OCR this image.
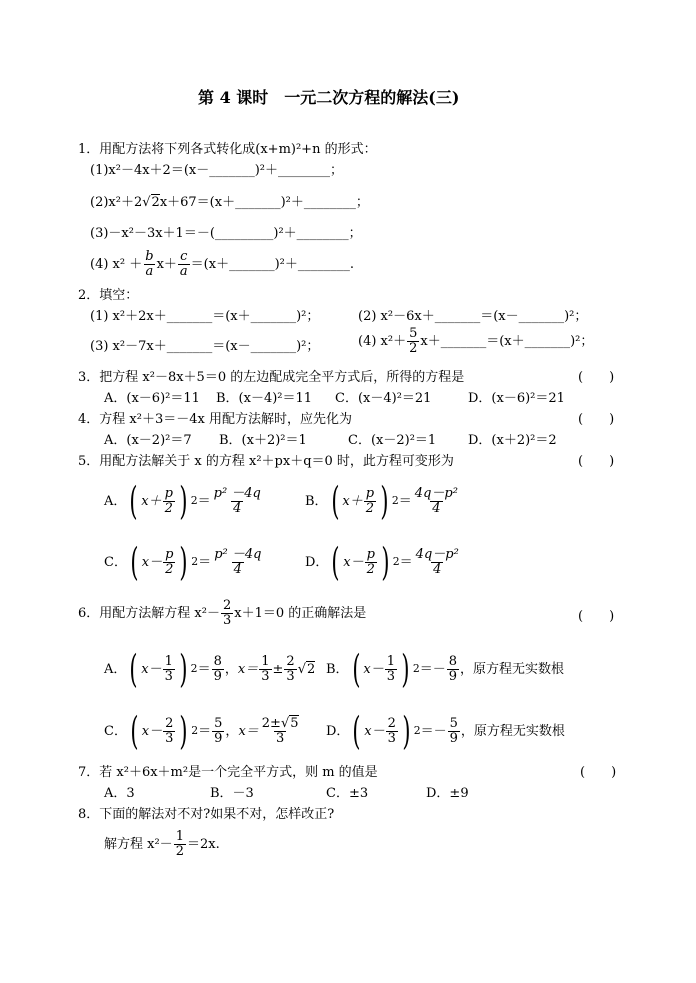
第 4 课时　一元二次方程的解法(三)
1．用配方法将下列各式转化成(x+m)²+n 的形式：
(1)x²－4x＋2＝(x－_______)²＋________；
(2)x²＋2 √2 x＋67＝(x＋_______)²＋________；
(3)－x²－3x＋1＝－(_________)²＋________；
(4) $x^2 + \frac{b}{a} x+ \frac{c}{a}$ ＝(x＋_______)²＋________.
2．填空：
(1) x²＋2x＋_______＝(x＋_______)²；	(2) x²－6x＋_______＝(x－_______)²；
(3) x²－7x＋_______＝(x－_______)²；	(4) $x^2+ \frac{5}{2}$ x＋_______＝(x＋_______)²；
3．把方程 x²－8x＋5＝0 的左边配成完全平方式后，所得的方程是	(　　)
A．(x－6)²＝11 B．(x－4)²＝11 C．(x－4)²＝21	D．(x－6)²＝21
4．方程 x²＋3＝－4x 用配方法解时，应先化为	(　　)
A．(x－2)²＝7 B．(x＋2)²＝1	C．(x－2)²＝1 D．(x＋2)²＝2
5．用配方法解关于 x 的方程 x²＋px＋q＝0 时，此方程可变形为	(　　)
A． ( $x+ \frac{p}{2}$ ) $2 = \frac{\text{p² －4q}}{4}$	B． ( $x+ \frac{p}{2}$ ) $2 = \frac{\text{4q－p²}}{4}$
C． ( $x- \frac{p}{2}$ ) $2 = \frac{\text{p² －4q}}{4}$	D． ( $x- \frac{p}{2}$ ) $2 = \frac{\text{4q－p²}}{4}$
6．用配方法解方程 $x^2- \frac{2}{3} x+1=0$ 的正确解法是	(　　)
A． ( $x- \frac{1}{3}$ ) $2 = \frac{8}{9}$ ， $x= \frac{1}{3} \pm \frac{2}{3} √2$ B． ( $x- \frac{1}{3}$ ) $2 =- \frac{8}{9}$ ，原方程无实数根
C． ( $x- \frac{2}{3}$ ) $2 = \frac{5}{9}$ ， $x= \frac{2\pm√5}{3}$ D． ( $x- \frac{2}{3}$ ) $2 =- \frac{5}{9}$ ，原方程无实数根
7．若 x²＋6x＋m²是一个完全平方式，则 m 的值是	(　　)
A．3	B．－3	C．±3	D．±9
8．下面的解法对不对?如果不对，怎样改正?
解方程 $x^2- \frac{1}{2} =2x$.
